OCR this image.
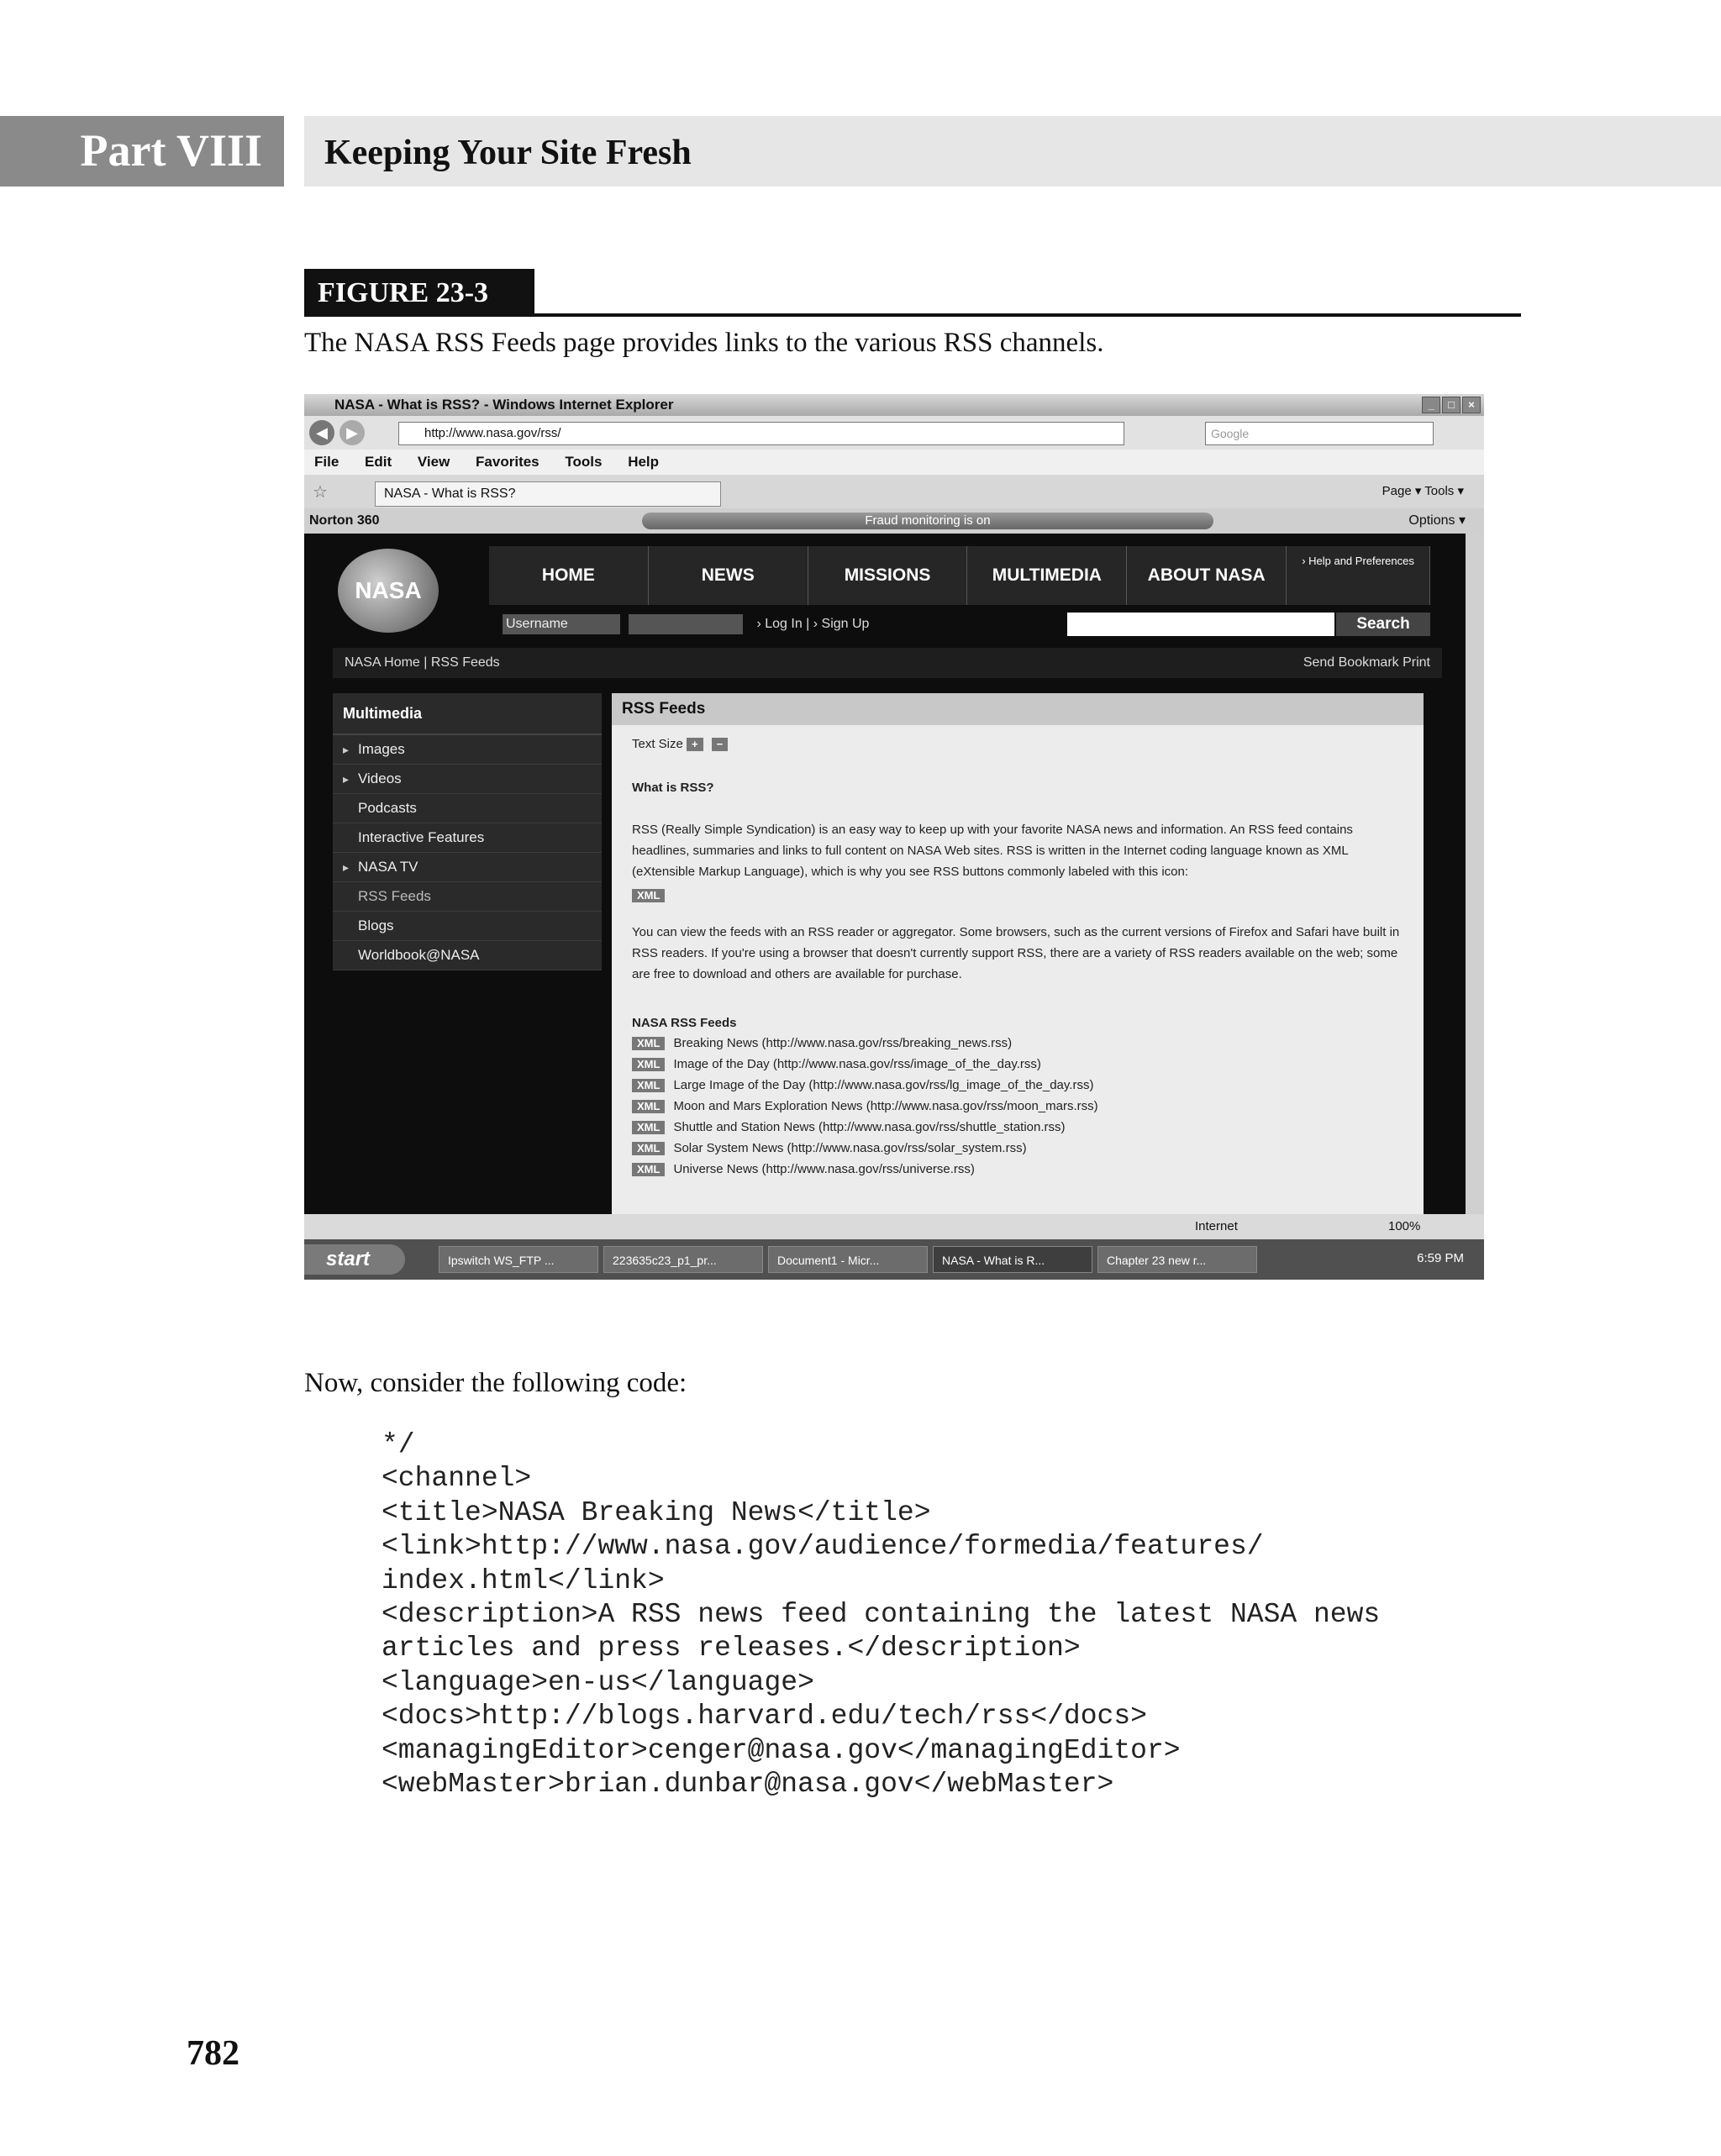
Part VIII Keeping Your Site Fresh
FIGURE 23-3
The NASA RSS Feeds page provides links to the various RSS channels.
NASA - What is RSS? - Windows Internet Explorer	_	□	×
◀	▶	http://www.nasa.gov/rss/	Google
File Edit View Favorites Tools Help
☆	NASA - What is RSS?	Page ▾ Tools ▾
Norton 360	Fraud monitoring is on	Options ▾
NASA
HOME	NEWS	MISSIONS	MULTIMEDIA	ABOUT NASA
› Help and Preferences
Username	› Log In | › Sign Up	Search
NASA Home | RSS Feeds	Send Bookmark Print
Multimedia
▸ Images
▸ Videos
Podcasts
Interactive Features
▸ NASA TV
RSS Feeds
Blogs
Worldbook@NASA
RSS Feeds
Text Size + −
What is RSS?
RSS (Really Simple Syndication) is an easy way to keep up with your favorite NASA news and information. An RSS feed contains headlines, summaries and links to full content on NASA Web sites. RSS is written in the Internet coding language known as XML (eXtensible Markup Language), which is why you see RSS buttons commonly labeled with this icon:
XML
You can view the feeds with an RSS reader or aggregator. Some browsers, such as the current versions of Firefox and Safari have built in RSS readers. If you're using a browser that doesn't currently support RSS, there are a variety of RSS readers available on the web; some are free to download and others are available for purchase.
NASA RSS Feeds
XML Breaking News (http://www.nasa.gov/rss/breaking_news.rss)
XML Image of the Day (http://www.nasa.gov/rss/image_of_the_day.rss)
XML Large Image of the Day (http://www.nasa.gov/rss/lg_image_of_the_day.rss)
XML Moon and Mars Exploration News (http://www.nasa.gov/rss/moon_mars.rss)
XML Shuttle and Station News (http://www.nasa.gov/rss/shuttle_station.rss)
XML Solar System News (http://www.nasa.gov/rss/solar_system.rss)
XML Universe News (http://www.nasa.gov/rss/universe.rss)
Internet	100%
start	Ipswitch WS_FTP ...	223635c23_p1_pr...	Document1 - Micr...	NASA - What is R...	Chapter 23 new r...	6:59 PM
Now, consider the following code:
*/
<channel>
<title>NASA Breaking News</title>
<link>http://www.nasa.gov/audience/formedia/features/
index.html</link>
<description>A RSS news feed containing the latest NASA news
articles and press releases.</description>
<language>en-us</language>
<docs>http://blogs.harvard.edu/tech/rss</docs>
<managingEditor>cenger@nasa.gov</managingEditor>
<webMaster>brian.dunbar@nasa.gov</webMaster>
782
